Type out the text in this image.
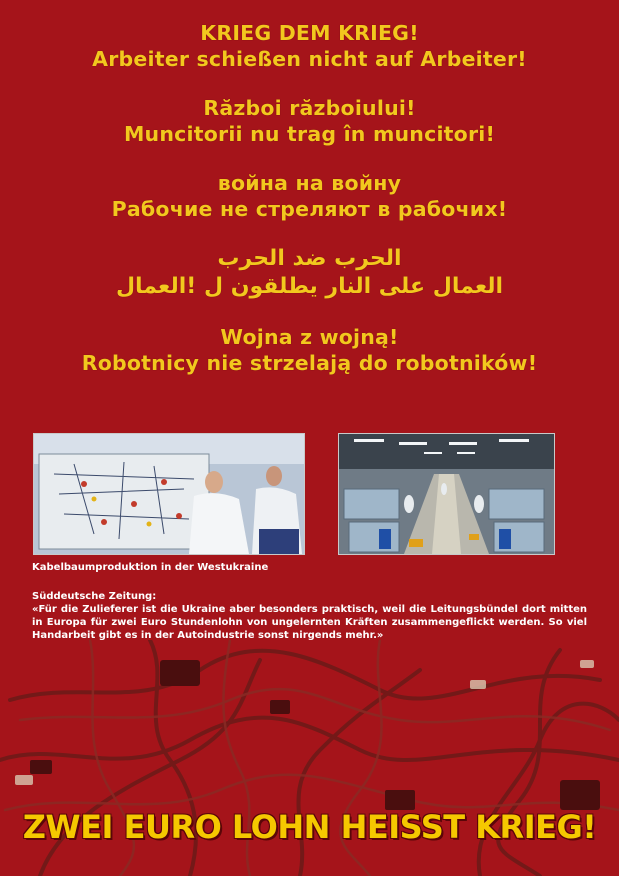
KRIEG DEM KRIEG!
Arbeiter schießen nicht auf Arbeiter!
Război războiului!
Muncitorii nu trag în muncitori!
война на войну
Рабочие не стреляют в рабочих!
الحرب ضد الحرب
العمال على النار يطلقون ل !العمال
Wojna z wojną!
Robotnicy nie strzelają do robotników!
Kabelbaumproduktion in der Westukraine
Süddeutsche Zeitung:
«Für die Zulieferer ist die Ukraine aber besonders praktisch, weil die Leitungsbündel dort mitten in Europa für zwei Euro Stundenlohn von ungelernten Kräften zusammengeflickt werden. So viel Handarbeit gibt es in der Autoindustrie sonst nirgends mehr.»
ZWEI EURO LOHN HEISST KRIEG!
